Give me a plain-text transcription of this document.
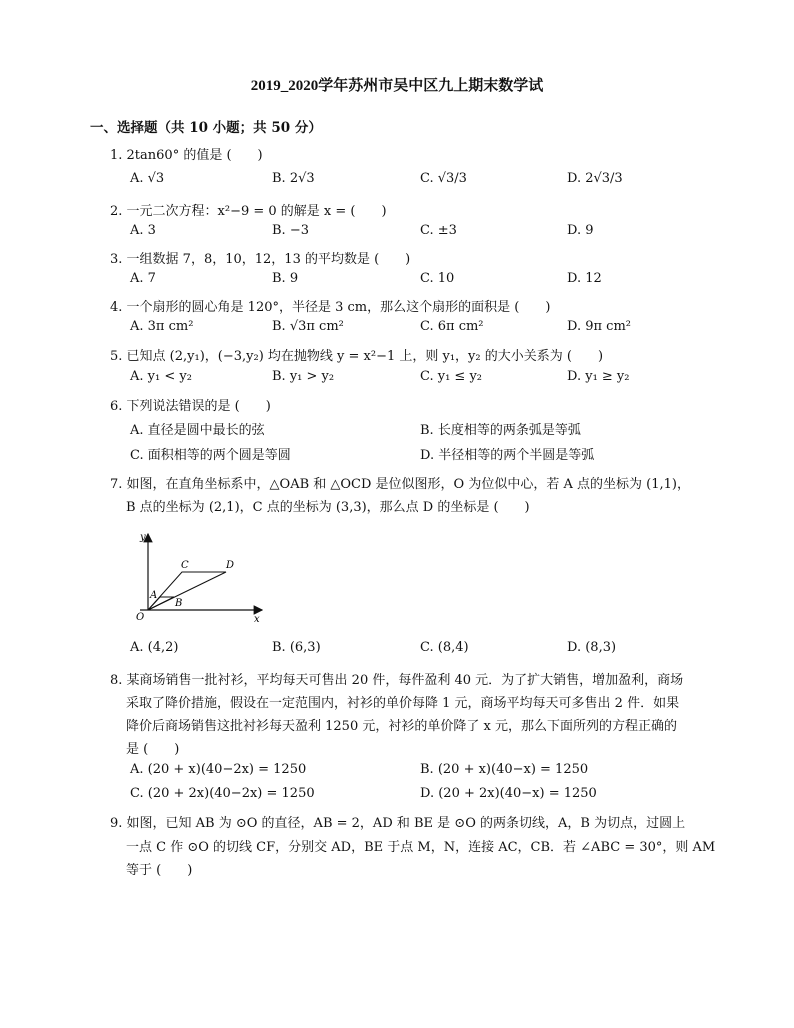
2019_2020学年苏州市吴中区九上期末数学试
一、选择题（共 10 小题；共 50 分）
1. 2tan60° 的值是 (　　)
A. √3	B. 2√3	C. √3/3	D. 2√3/3
2. 一元二次方程：x²−9 = 0 的解是 x = (　　)
A. 3	B. −3	C. ±3	D. 9
3. 一组数据 7，8，10，12，13 的平均数是 (　　)
A. 7	B. 9	C. 10	D. 12
4. 一个扇形的圆心角是 120°，半径是 3 cm，那么这个扇形的面积是 (　　)
A. 3π cm²	B. √3π cm²	C. 6π cm²	D. 9π cm²
5. 已知点 (2,y₁)，(−3,y₂) 均在抛物线 y = x²−1 上，则 y₁，y₂ 的大小关系为 (　　)
A. y₁ < y₂	B. y₁ > y₂	C. y₁ ≤ y₂	D. y₁ ≥ y₂
6. 下列说法错误的是 (　　)
A. 直径是圆中最长的弦	B. 长度相等的两条弧是等弧
C. 面积相等的两个圆是等圆	D. 半径相等的两个半圆是等弧
7. 如图，在直角坐标系中，△OAB 和 △OCD 是位似图形，O 为位似中心，若 A 点的坐标为 (1,1)，
B 点的坐标为 (2,1)，C 点的坐标为 (3,3)，那么点 D 的坐标是 (　　)
y
x
O
A
B
C	D
A. (4,2)	B. (6,3)	C. (8,4)	D. (8,3)
8. 某商场销售一批衬衫，平均每天可售出 20 件，每件盈利 40 元．为了扩大销售，增加盈利，商场
采取了降价措施，假设在一定范围内，衬衫的单价每降 1 元，商场平均每天可多售出 2 件．如果
降价后商场销售这批衬衫每天盈利 1250 元，衬衫的单价降了 x 元，那么下面所列的方程正确的
是 (　　)
A. (20 + x)(40−2x) = 1250	B. (20 + x)(40−x) = 1250
C. (20 + 2x)(40−2x) = 1250	D. (20 + 2x)(40−x) = 1250
9. 如图，已知 AB 为 ⊙O 的直径，AB = 2，AD 和 BE 是 ⊙O 的两条切线，A，B 为切点，过圆上
一点 C 作 ⊙O 的切线 CF，分别交 AD，BE 于点 M，N，连接 AC，CB．若 ∠ABC = 30°，则 AM
等于 (　　)
